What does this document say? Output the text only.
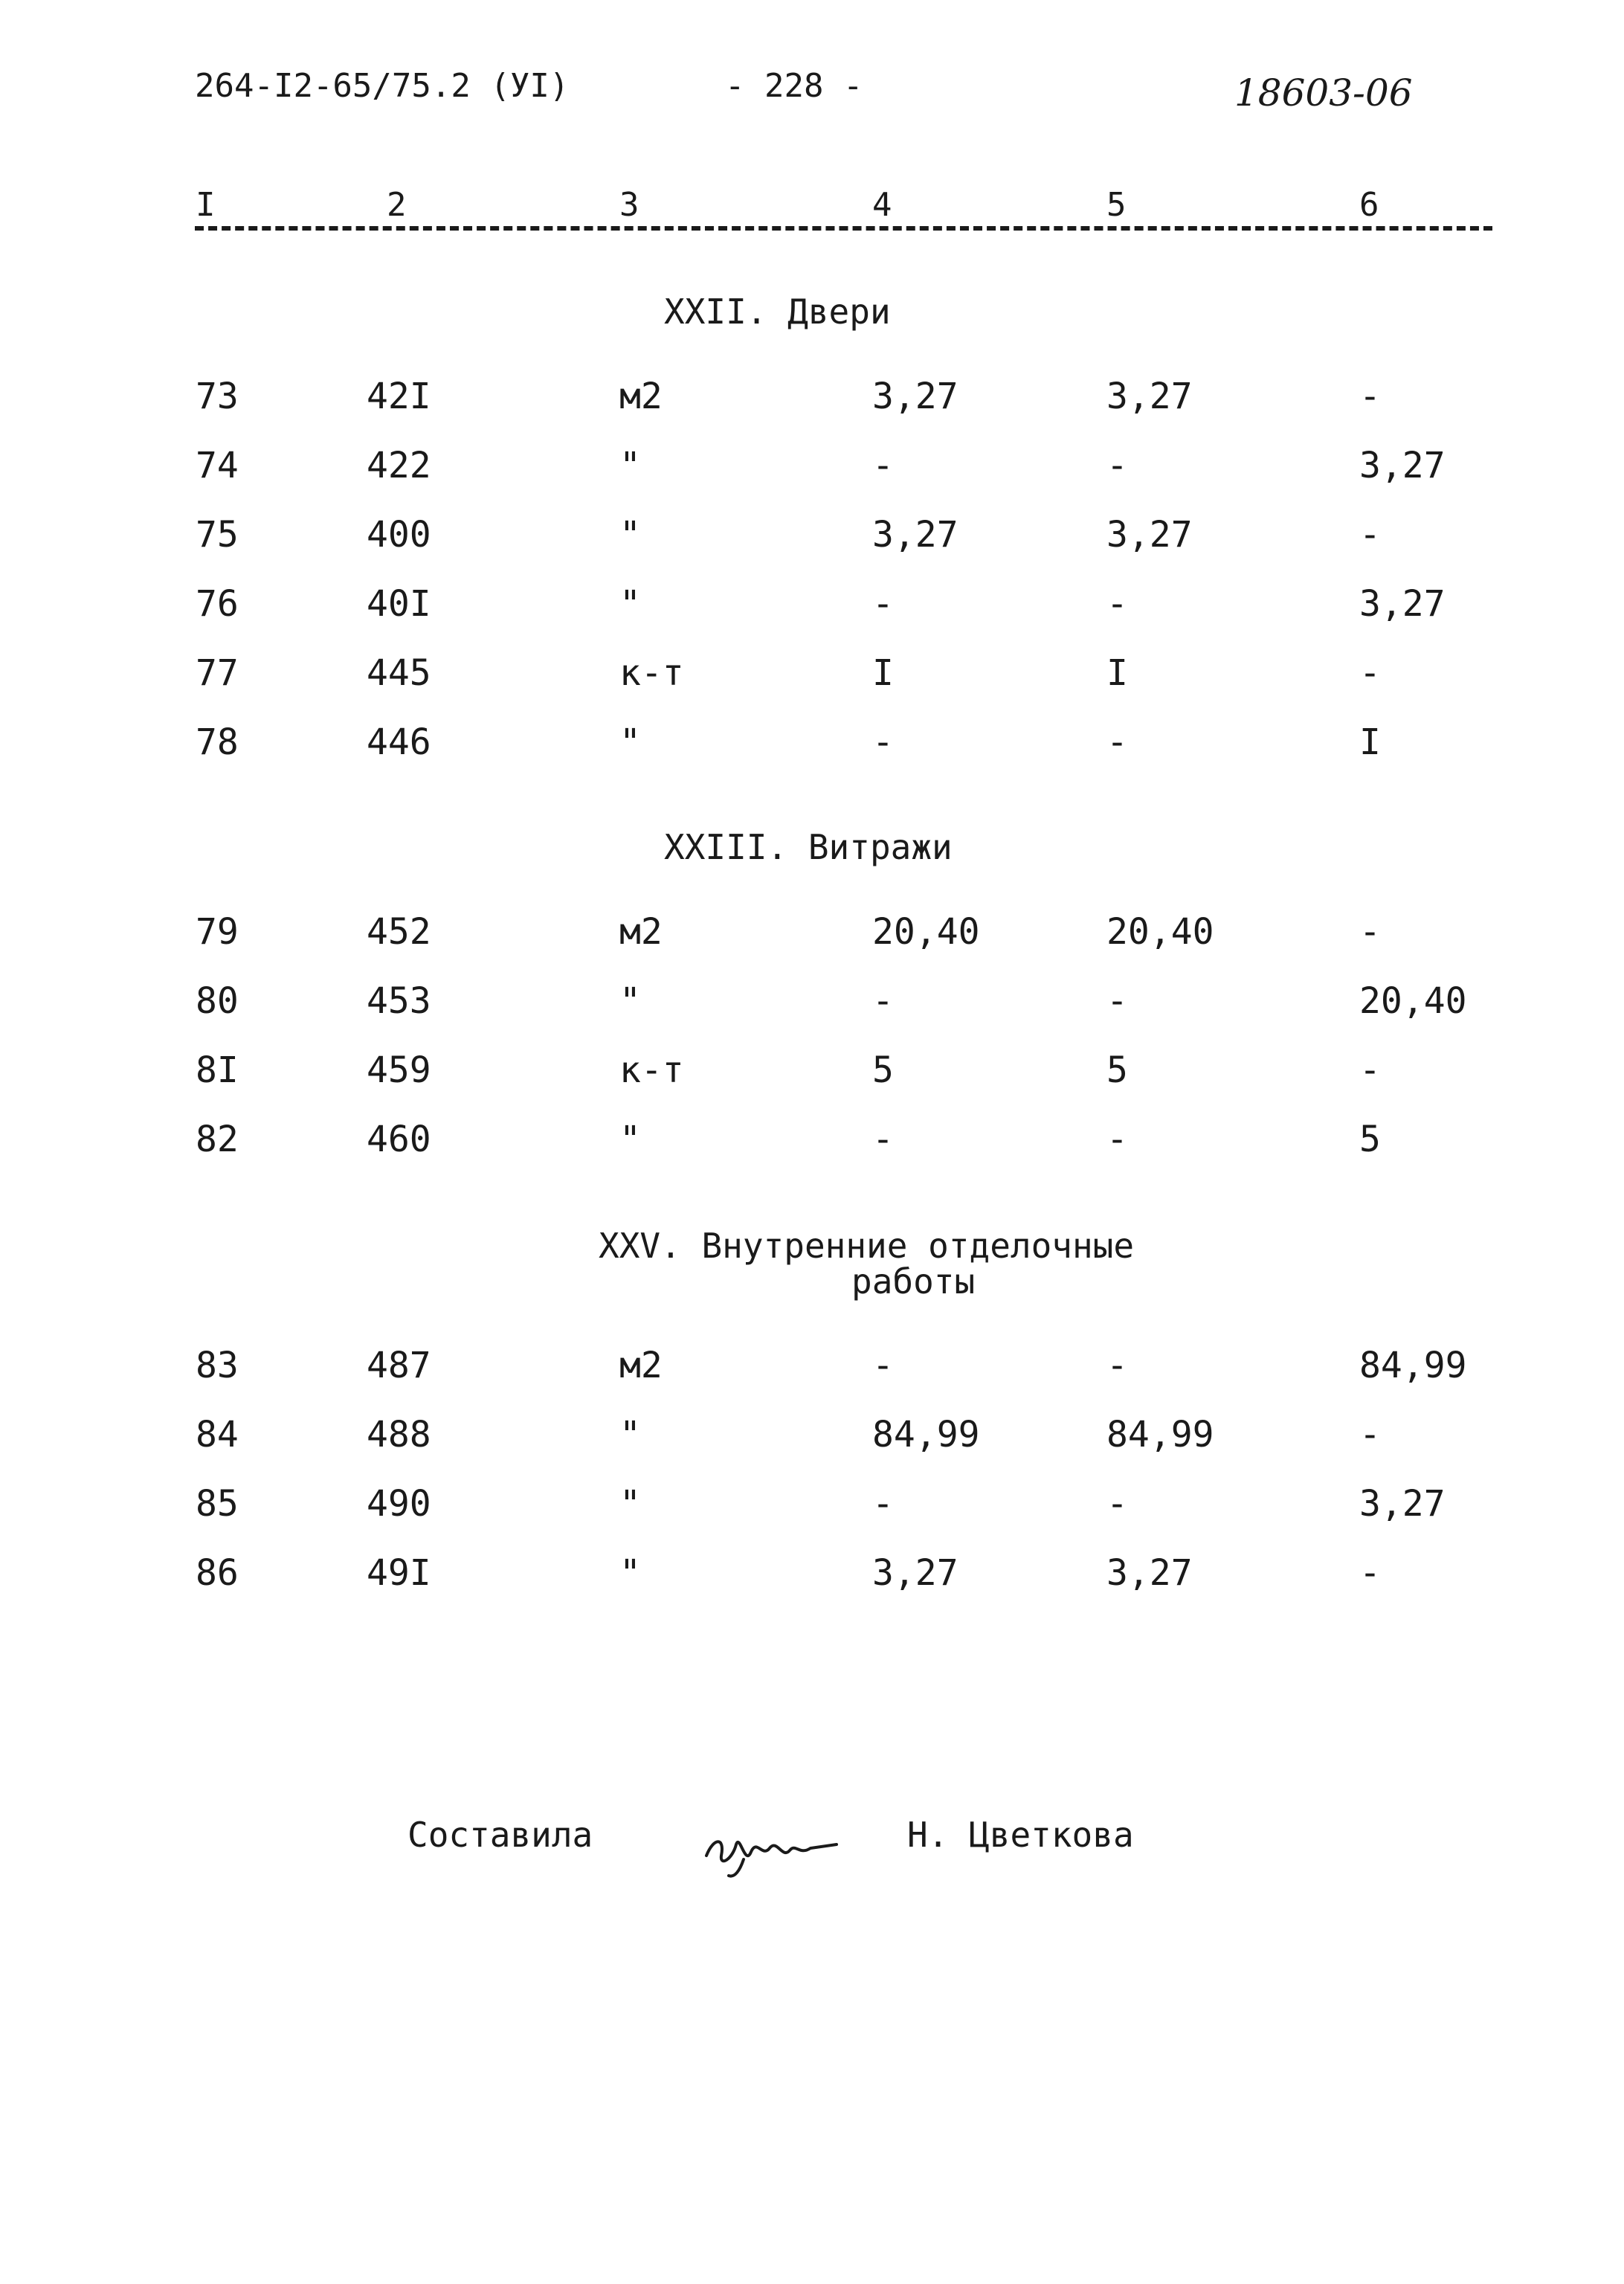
264-I2-65/75.2 (УI)	- 228 -	18603-06
I	2	3	4	5	6
XXII. Двери
73	42I	м2	3,27	3,27	-
74	422	"	-	-	3,27
75	400	"	3,27	3,27	-
76	40I	"	-	-	3,27
77	445	к-т	I	I	-
78	446	"	-	-	I
XXIII. Витражи
79	452	м2	20,40	20,40	-
80	453	"	-	-	20,40
8I	459	к-т	5	5	-
82	460	"	-	-	5
XXV. Внутренние отделочные
работы
83	487	м2	-	-	84,99
84	488	"	84,99	84,99	-
85	490	"	-	-	3,27
86	49I	"	3,27	3,27	-
Составила	Н. Цветкова
